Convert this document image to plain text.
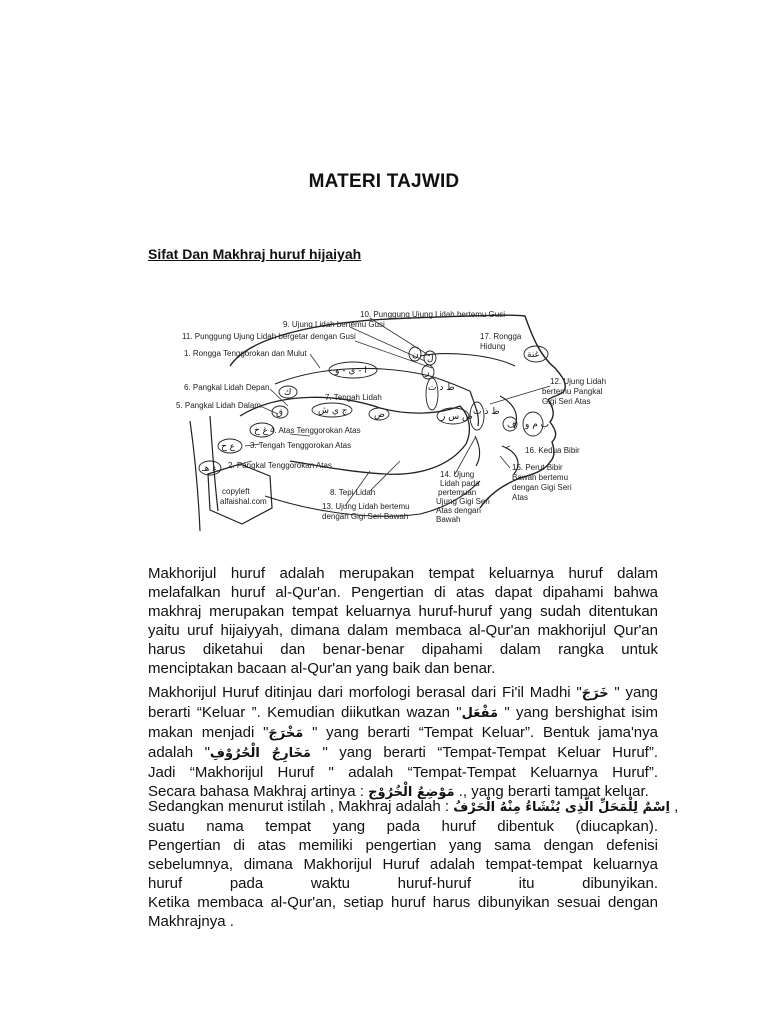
MATERI TAJWID
Sifat Dan Makhraj huruf hijaiyah
10. Punggung Ujung Lidah bertemu Gusi
9. Ujung Lidah bertemu Gusi
11. Punggung Ujung Lidah bergetar dengan Gusi	17. Rongga
Hidung
1. Rongga Tenggorokan dan Mulut
6. Pangkal Lidah Depan
7. Tengah Lidah
5. Pangkal Lidah Dalam
12. Ujung Lidah
bertemu Pangkal
Gigi Seri Atas
4. Atas Tenggorokan Atas
3. Tengah Tenggorokan Atas
16. Kedua Bibir
2. Pangkal Tenggorokan Atas	15. Perut Bibir
Bawah bertemu
dengan Gigi Seri
Atas
14. Ujung
Lidah pada
pertemuan
Ujung Gigi Seri
Atas dengan
Bawah
8. Tepi Lidah
13. Ujung Lidah bertemu
dengan Gigi Seri Bawah
copyleft
alfaishal.com
ا - ي - و
ك
ق	ج ي ش	ض
ط د ت
غ خ
ع ح
ء هـ
ص س ز ظ ذ ث
ب م و
ف
غنة
ن ل
ر
Makhorijul huruf adalah merupakan tempat keluarnya huruf dalam
melafalkan huruf al-Qur'an. Pengertian di atas dapat dipahami bahwa
makhraj merupakan tempat keluarnya huruf-huruf yang sudah ditentukan
yaitu uruf hijaiyyah, dimana dalam membaca al-Qur'an makhorijul Qur'an
harus diketahui dan benar-benar dipahami dalam rangka untuk
menciptakan bacaan al-Qur'an yang baik dan benar.
Makhorijul Huruf ditinjau dari morfologi berasal dari Fi'il Madhi "خَرَجَ " yang
berarti “Keluar ”. Kemudian diikutkan wazan "مَفْعَل " yang bershighat isim
makan menjadi "مَخْرَجَ " yang berarti “Tempat Keluar”. Bentuk jama'nya
adalah "مَخَارِجُ الْحُرُوْفِ " yang berarti “Tempat-Tempat Keluar Huruf”.
Jadi “Makhorijul Huruf " adalah “Tempat-Tempat Keluarnya Huruf”.
Secara bahasa Makhraj artinya : مَوْضِعُ الْخُرُوْج ., yang berarti tampat keluar.
Sedangkan menurut istilah , Makhraj adalah : اِسْمٌ لِلْمَحَلِّ الَّذِى يُنْشَاءُ مِنْهُ الْحَرْفُ ,
suatu nama tempat yang pada huruf dibentuk (diucapkan).
Pengertian di atas memiliki pengertian yang sama dengan defenisi
sebelumnya, dimana Makhorijul Huruf adalah tempat-tempat keluarnya
huruf pada waktu huruf-huruf itu dibunyikan.
Ketika membaca al-Qur'an, setiap huruf harus dibunyikan sesuai dengan
Makhrajnya .
